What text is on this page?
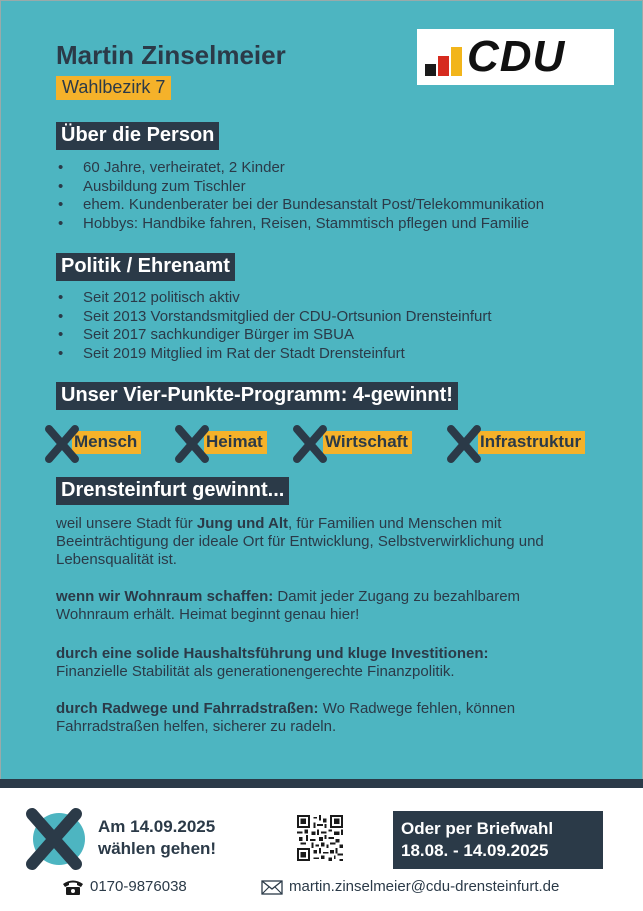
Martin Zinselmeier
Wahlbezirk 7
CDU
Über die Person
• 60 Jahre, verheiratet, 2 Kinder
• Ausbildung zum Tischler
• ehem. Kundenberater bei der Bundesanstalt Post/Telekommunikation
• Hobbys: Handbike fahren, Reisen, Stammtisch pflegen und Familie
Politik / Ehrenamt
• Seit 2012 politisch aktiv
• Seit 2013 Vorstandsmitglied der CDU-Ortsunion Drensteinfurt
• Seit 2017 sachkundiger Bürger im SBUA
• Seit 2019 Mitglied im Rat der Stadt Drensteinfurt
Unser Vier-Punkte-Programm: 4-gewinnt!
Mensch	Heimat	Wirtschaft	Infrastruktur
Drensteinfurt gewinnt...

weil unsere Stadt für Jung und Alt, für Familien und Menschen mit Beeinträchtigung der ideale Ort für Entwicklung, Selbstverwirklichung und Lebensqualität ist.

wenn wir Wohnraum schaffen: Damit jeder Zugang zu bezahlbarem Wohnraum erhält. Heimat beginnt genau hier!

durch eine solide Haushaltsführung und kluge Investitionen:
Finanzielle Stabilität als generationengerechte Finanzpolitik.

durch Radwege und Fahrradstraßen: Wo Radwege fehlen, können Fahrradstraßen helfen, sicherer zu radeln.

Am 14.09.2025
wählen gehen!
Oder per Briefwahl
18.08. - 14.09.2025
0170-9876038	martin.zinselmeier@cdu-drensteinfurt.de
